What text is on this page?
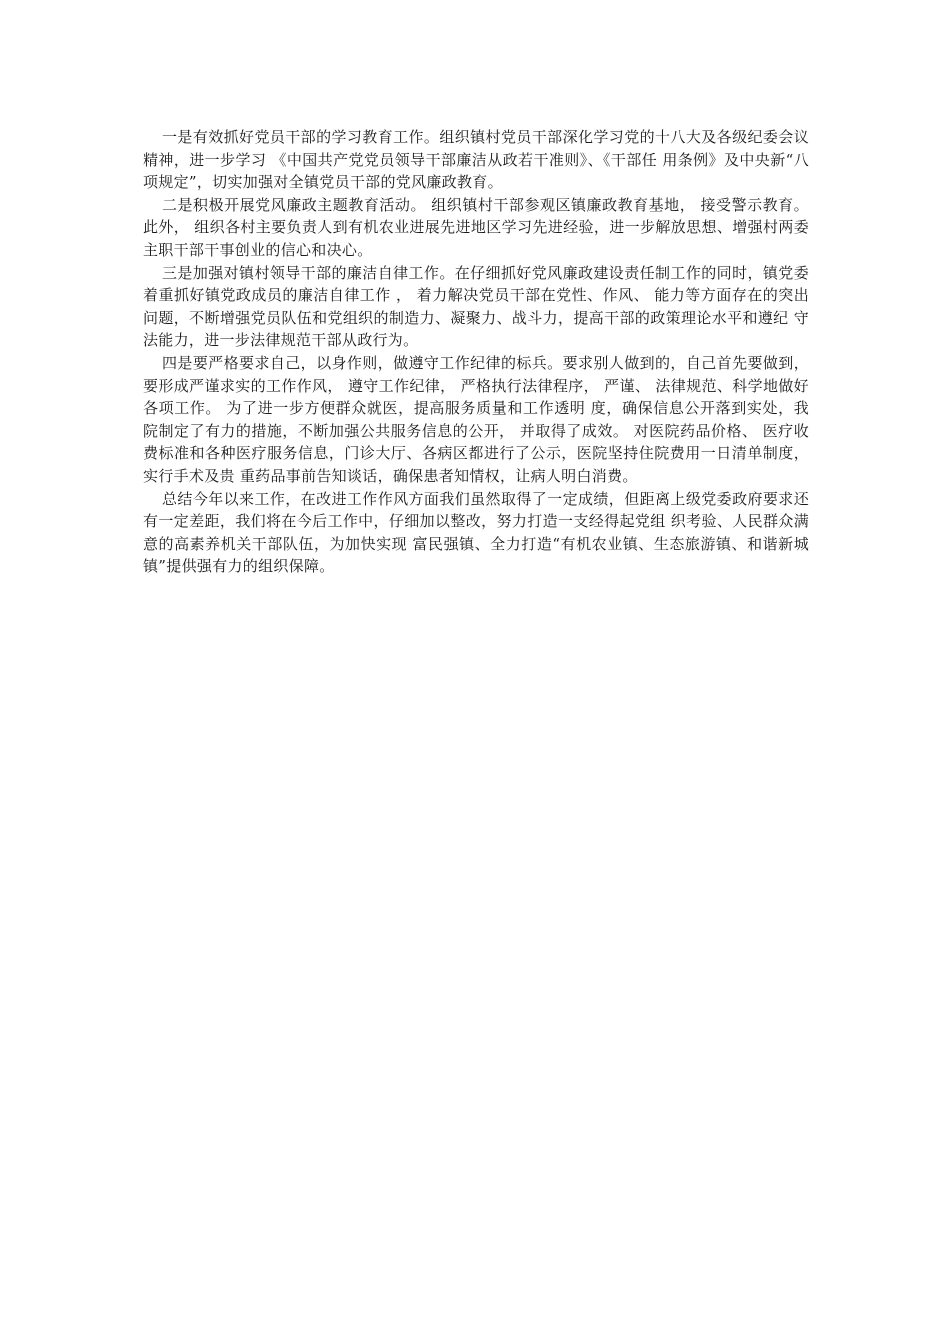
一是有效抓好党员干部的学习教育工作。组织镇村党员干部深化学习党的十八大及各级纪委会议精神，进一步学习 《中国共产党党员领导干部廉洁从政若干准则》、《干部任 用条例》及中央新“八项规定”，切实加强对全镇党员干部的党风廉政教育。

二是积极开展党风廉政主题教育活动。 组织镇村干部参观区镇廉政教育基地， 接受警示教育。 此外， 组织各村主要负责人到有机农业进展先进地区学习先进经验，进一步解放思想、增强村两委主职干部干事创业的信心和决心。

三是加强对镇村领导干部的廉洁自律工作。在仔细抓好党风廉政建设责任制工作的同时，镇党委着重抓好镇党政成员的廉洁自律工作 ， 着力解决党员干部在党性、作风、 能力等方面存在的突出问题，不断增强党员队伍和党组织的制造力、凝聚力、战斗力，提高干部的政策理论水平和遵纪 守法能力，进一步法律规范干部从政行为。

四是要严格要求自己，以身作则，做遵守工作纪律的标兵。要求别人做到的，自己首先要做到，要形成严谨求实的工作作风， 遵守工作纪律， 严格执行法律程序， 严谨、 法律规范、科学地做好各项工作。 为了进一步方便群众就医，提高服务质量和工作透明 度，确保信息公开落到实处，我院制定了有力的措施，不断加强公共服务信息的公开， 并取得了成效。 对医院药品价格、 医疗收费标准和各种医疗服务信息，门诊大厅、各病区都进行了公示，医院坚持住院费用一日清单制度，实行手术及贵 重药品事前告知谈话，确保患者知情权，让病人明白消费。

总结今年以来工作，在改进工作作风方面我们虽然取得了一定成绩，但距离上级党委政府要求还有一定差距，我们将在今后工作中，仔细加以整改，努力打造一支经得起党组 织考验、人民群众满意的高素养机关干部队伍，为加快实现 富民强镇、全力打造“有机农业镇、生态旅游镇、和谐新城镇”提供强有力的组织保障。
